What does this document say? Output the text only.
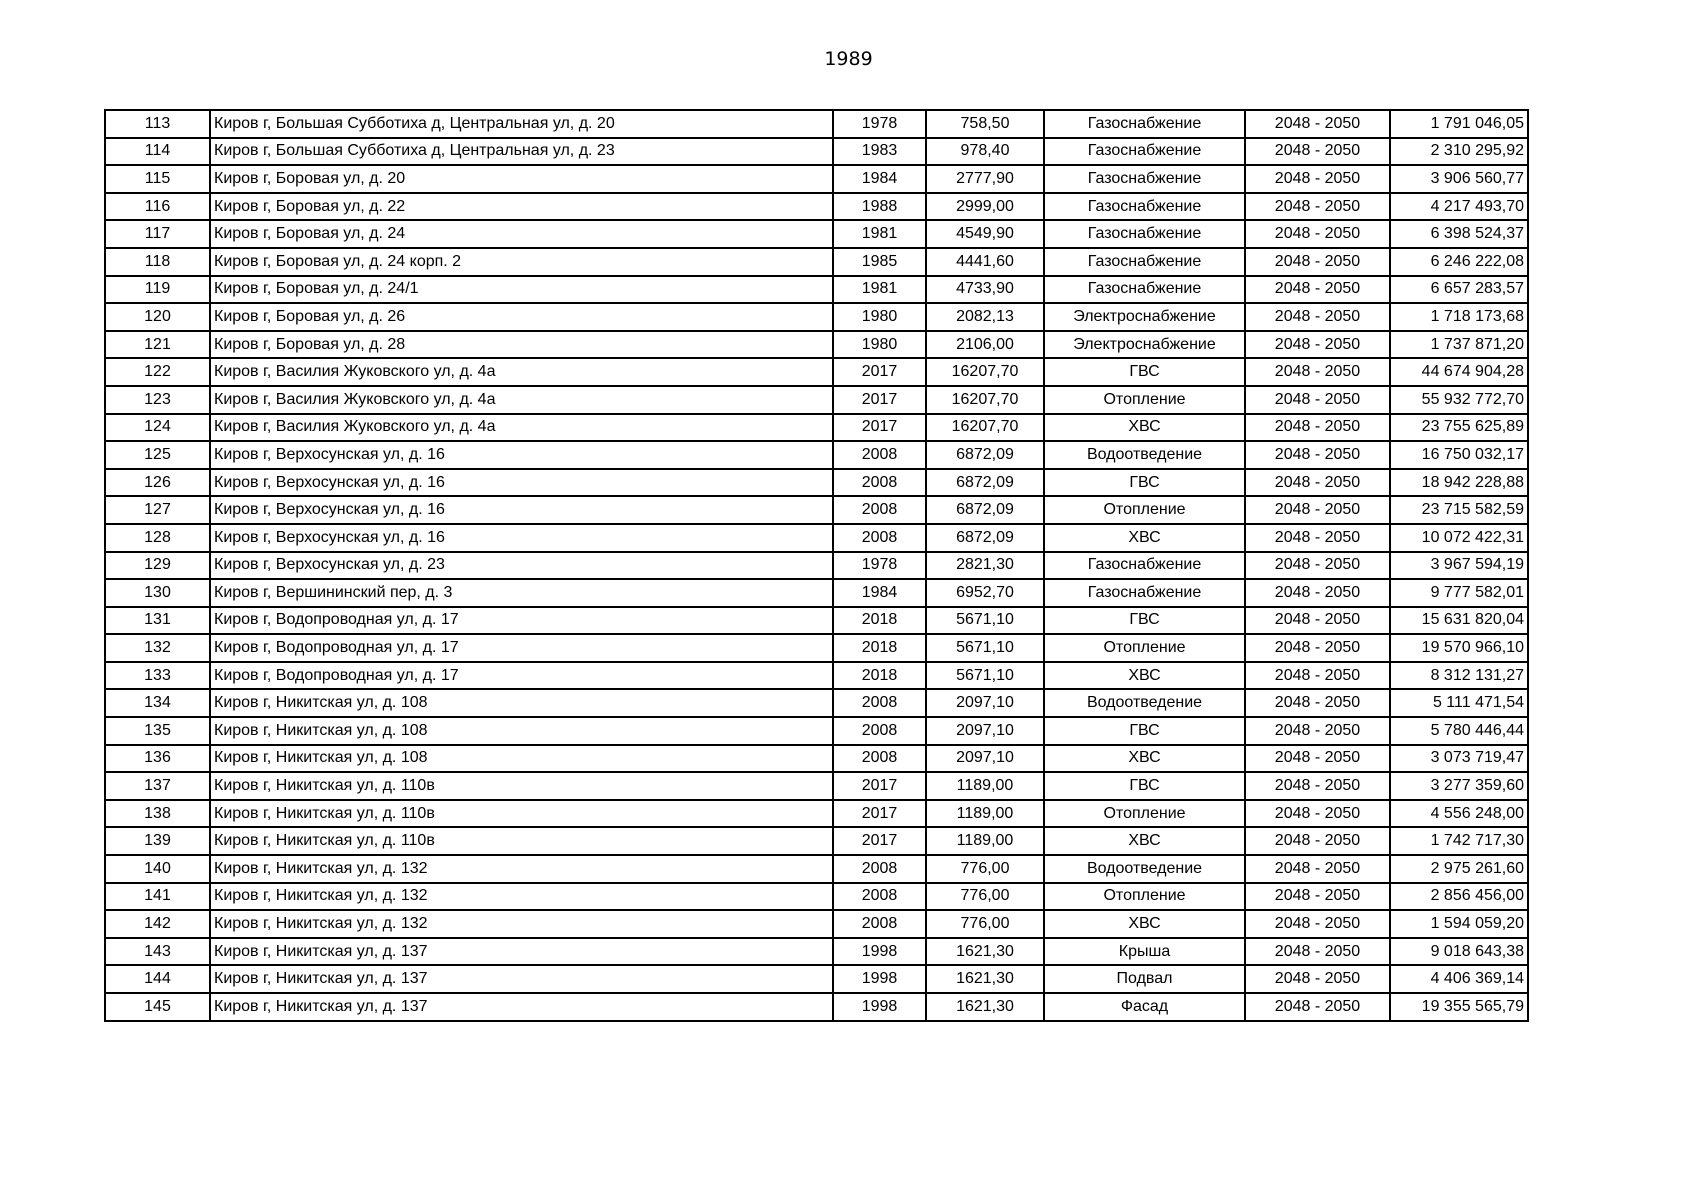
1989
113	Киров г, Большая Субботиха д, Центральная ул, д. 20	1978	758,50	Газоснабжение	2048 - 2050	1 791 046,05
114	Киров г, Большая Субботиха д, Центральная ул, д. 23	1983	978,40	Газоснабжение	2048 - 2050	2 310 295,92
115	Киров г, Боровая ул, д. 20	1984	2777,90	Газоснабжение	2048 - 2050	3 906 560,77
116	Киров г, Боровая ул, д. 22	1988	2999,00	Газоснабжение	2048 - 2050	4 217 493,70
117	Киров г, Боровая ул, д. 24	1981	4549,90	Газоснабжение	2048 - 2050	6 398 524,37
118	Киров г, Боровая ул, д. 24 корп. 2	1985	4441,60	Газоснабжение	2048 - 2050	6 246 222,08
119	Киров г, Боровая ул, д. 24/1	1981	4733,90	Газоснабжение	2048 - 2050	6 657 283,57
120	Киров г, Боровая ул, д. 26	1980	2082,13	Электроснабжение	2048 - 2050	1 718 173,68
121	Киров г, Боровая ул, д. 28	1980	2106,00	Электроснабжение	2048 - 2050	1 737 871,20
122	Киров г, Василия Жуковского ул, д. 4а	2017	16207,70	ГВС	2048 - 2050	44 674 904,28
123	Киров г, Василия Жуковского ул, д. 4а	2017	16207,70	Отопление	2048 - 2050	55 932 772,70
124	Киров г, Василия Жуковского ул, д. 4а	2017	16207,70	ХВС	2048 - 2050	23 755 625,89
125	Киров г, Верхосунская ул, д. 16	2008	6872,09	Водоотведение	2048 - 2050	16 750 032,17
126	Киров г, Верхосунская ул, д. 16	2008	6872,09	ГВС	2048 - 2050	18 942 228,88
127	Киров г, Верхосунская ул, д. 16	2008	6872,09	Отопление	2048 - 2050	23 715 582,59
128	Киров г, Верхосунская ул, д. 16	2008	6872,09	ХВС	2048 - 2050	10 072 422,31
129	Киров г, Верхосунская ул, д. 23	1978	2821,30	Газоснабжение	2048 - 2050	3 967 594,19
130	Киров г, Вершининский пер, д. 3	1984	6952,70	Газоснабжение	2048 - 2050	9 777 582,01
131	Киров г, Водопроводная ул, д. 17	2018	5671,10	ГВС	2048 - 2050	15 631 820,04
132	Киров г, Водопроводная ул, д. 17	2018	5671,10	Отопление	2048 - 2050	19 570 966,10
133	Киров г, Водопроводная ул, д. 17	2018	5671,10	ХВС	2048 - 2050	8 312 131,27
134	Киров г, Никитская ул, д. 108	2008	2097,10	Водоотведение	2048 - 2050	5 111 471,54
135	Киров г, Никитская ул, д. 108	2008	2097,10	ГВС	2048 - 2050	5 780 446,44
136	Киров г, Никитская ул, д. 108	2008	2097,10	ХВС	2048 - 2050	3 073 719,47
137	Киров г, Никитская ул, д. 110в	2017	1189,00	ГВС	2048 - 2050	3 277 359,60
138	Киров г, Никитская ул, д. 110в	2017	1189,00	Отопление	2048 - 2050	4 556 248,00
139	Киров г, Никитская ул, д. 110в	2017	1189,00	ХВС	2048 - 2050	1 742 717,30
140	Киров г, Никитская ул, д. 132	2008	776,00	Водоотведение	2048 - 2050	2 975 261,60
141	Киров г, Никитская ул, д. 132	2008	776,00	Отопление	2048 - 2050	2 856 456,00
142	Киров г, Никитская ул, д. 132	2008	776,00	ХВС	2048 - 2050	1 594 059,20
143	Киров г, Никитская ул, д. 137	1998	1621,30	Крыша	2048 - 2050	9 018 643,38
144	Киров г, Никитская ул, д. 137	1998	1621,30	Подвал	2048 - 2050	4 406 369,14
145	Киров г, Никитская ул, д. 137	1998	1621,30	Фасад	2048 - 2050	19 355 565,79
